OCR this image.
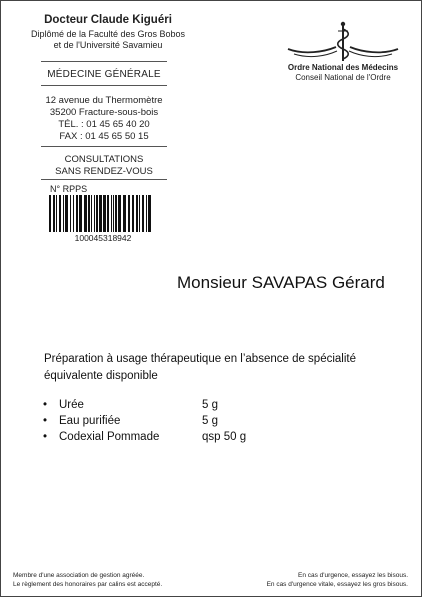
Docteur Claude Kiguéri
Diplômé de la Faculté des Gros Bobos
et de l'Université Savamieu
MÉDECINE GÉNÉRALE
12 avenue du Thermomètre
35200 Fracture-sous-bois
TÉL. : 01 45 65 40 20
FAX : 01 45 65 50 15
CONSULTATIONS
SANS RENDEZ-VOUS
N° RPPS
100045318942
Ordre National des Médecins
Conseil National de l'Ordre
Monsieur SAVAPAS Gérard
Préparation à usage thérapeutique en l’absence de spécialité équivalente disponible
• Urée	5 g
• Eau purifiée	5 g
• Codexial Pommade	qsp 50 g
Membre d'une association de gestion agréée.
Le règlement des honoraires par calins est accepté.
En cas d'urgence, essayez les bisous.
En cas d'urgence vitale, essayez les gros bisous.
